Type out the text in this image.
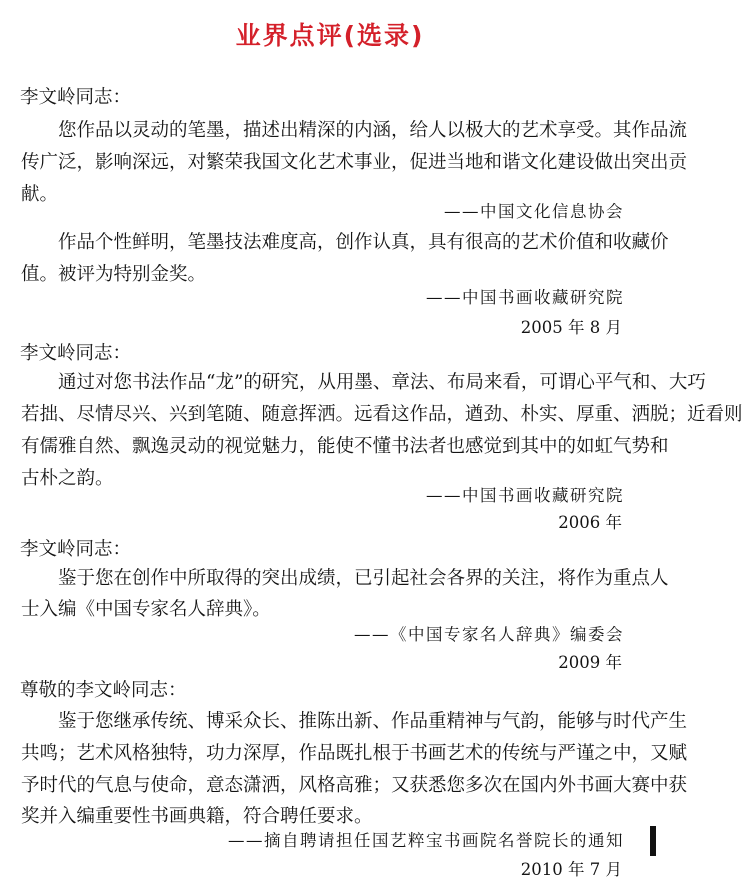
业界点评(选录)
李文岭同志：
您作品以灵动的笔墨，描述出精深的内涵，给人以极大的艺术享受。其作品流
传广泛，影响深远，对繁荣我国文化艺术事业，促进当地和谐文化建设做出突出贡
献。
——中国文化信息协会
作品个性鲜明，笔墨技法难度高，创作认真，具有很高的艺术价值和收藏价
值。被评为特别金奖。
——中国书画收藏研究院
2005 年 8 月
李文岭同志：
通过对您书法作品“龙”的研究，从用墨、章法、布局来看，可谓心平气和、大巧
若拙、尽情尽兴、兴到笔随、随意挥洒。远看这作品，遒劲、朴实、厚重、洒脱；近看则
有儒雅自然、飘逸灵动的视觉魅力，能使不懂书法者也感觉到其中的如虹气势和
古朴之韵。
——中国书画收藏研究院
2006 年
李文岭同志：
鉴于您在创作中所取得的突出成绩，已引起社会各界的关注，将作为重点人
士入编《中国专家名人辞典》。
——《中国专家名人辞典》编委会
2009 年
尊敬的李文岭同志：
鉴于您继承传统、博采众长、推陈出新、作品重精神与气韵，能够与时代产生
共鸣；艺术风格独特，功力深厚，作品既扎根于书画艺术的传统与严谨之中，又赋
予时代的气息与使命，意态潇洒，风格高雅；又获悉您多次在国内外书画大赛中获
奖并入编重要性书画典籍，符合聘任要求。
——摘自聘请担任国艺粹宝书画院名誉院长的通知
2010 年 7 月
